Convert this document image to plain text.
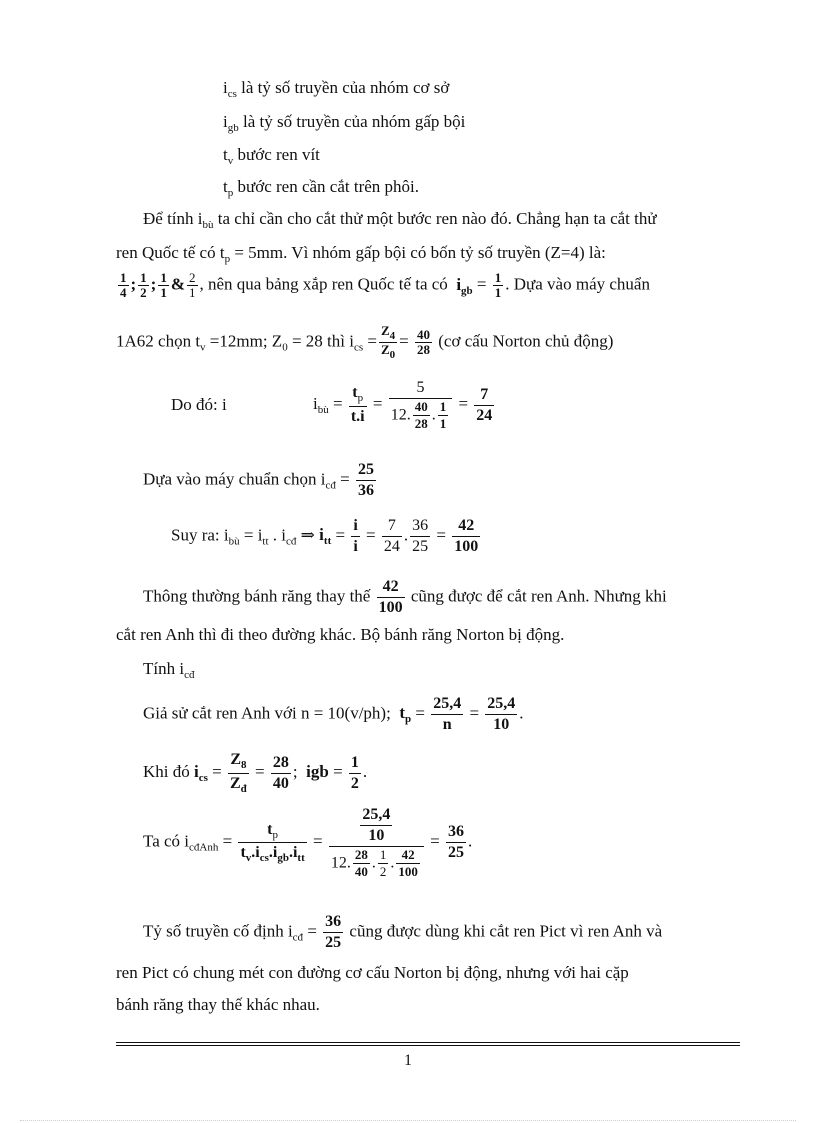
$i_{cs}$ là tỷ số truyền của nhóm cơ sở
$i_{gb}$ là tỷ số truyền của nhóm gấp bội
$t_v$ bước ren vít
$t_p$ bước ren cần cắt trên phôi.
Để tính $i_{bù}$ ta chỉ cần cho cắt thử một bước ren nào đó. Chẳng hạn ta cắt thử
ren Quốc tế có $t_p = 5mm$. Vì nhóm gấp bội có bốn tỷ số truyền (Z=4) là:
$\frac{1}{4}$ ; $\frac{1}{2}$ ; $\frac{1}{1}$ & $\frac{2}{1}$ , nên qua bảng xắp ren Quốc tế ta có $i_{gb} = \frac{1}{1}$ . Dựa vào máy chuẩn
1A62 chọn $t_v =12mm$; $Z_0 = 28$ thì $i_{cs} = \frac{Z_4}{Z_0} = \frac{40}{28}$ (cơ cấu Norton chủ động)
Do đó: i	$i_{bù} = \frac{t_p}{t.i} = \frac{5}{12. \frac{40}{28} . \frac{1}{1}} = \frac{7}{24}$
Dựa vào máy chuẩn chọn $i_{cđ} = \frac{25}{36}$
Suy ra: $i_{bù} = i_{tt}$ . $i_{cđ}$ ⇒ $i_{tt} = \frac{i}{i} = \frac{7}{24}$ . $\frac{36}{25} = \frac{42}{100}$
Thông thường bánh răng thay thế $\frac{42}{100}$ cũng được để cắt ren Anh. Nhưng khi
cắt ren Anh thì đi theo đường khác. Bộ bánh răng Norton bị động.
Tính $i_{cđ}$
Giả sử cắt ren Anh với n = 10(v/ph); $t_p = \frac{25,4}{n} = \frac{25,4}{10}$ .
Khi đó $i_{cs} = \frac{Z_8}{Z_đ} = \frac{28}{40}$ ;  igb = $\frac{1}{2}$ .
Ta có $i_{cđAnh} = \frac{t_p}{t_v.i_{cs}.i_{gb}.i_{tt}} = \frac{\frac{25,4}{10}}{12. \frac{28}{40} . \frac{1}{2} . \frac{42}{100}} = \frac{36}{25}$ .
Tỷ số truyền cố định $i_{cđ} = \frac{36}{25}$ cũng được dùng khi cắt ren Pict vì ren Anh và
ren Pict có chung mét con đường cơ cấu Norton bị động, nhưng với hai cặp
bánh răng thay thế khác nhau.
1
